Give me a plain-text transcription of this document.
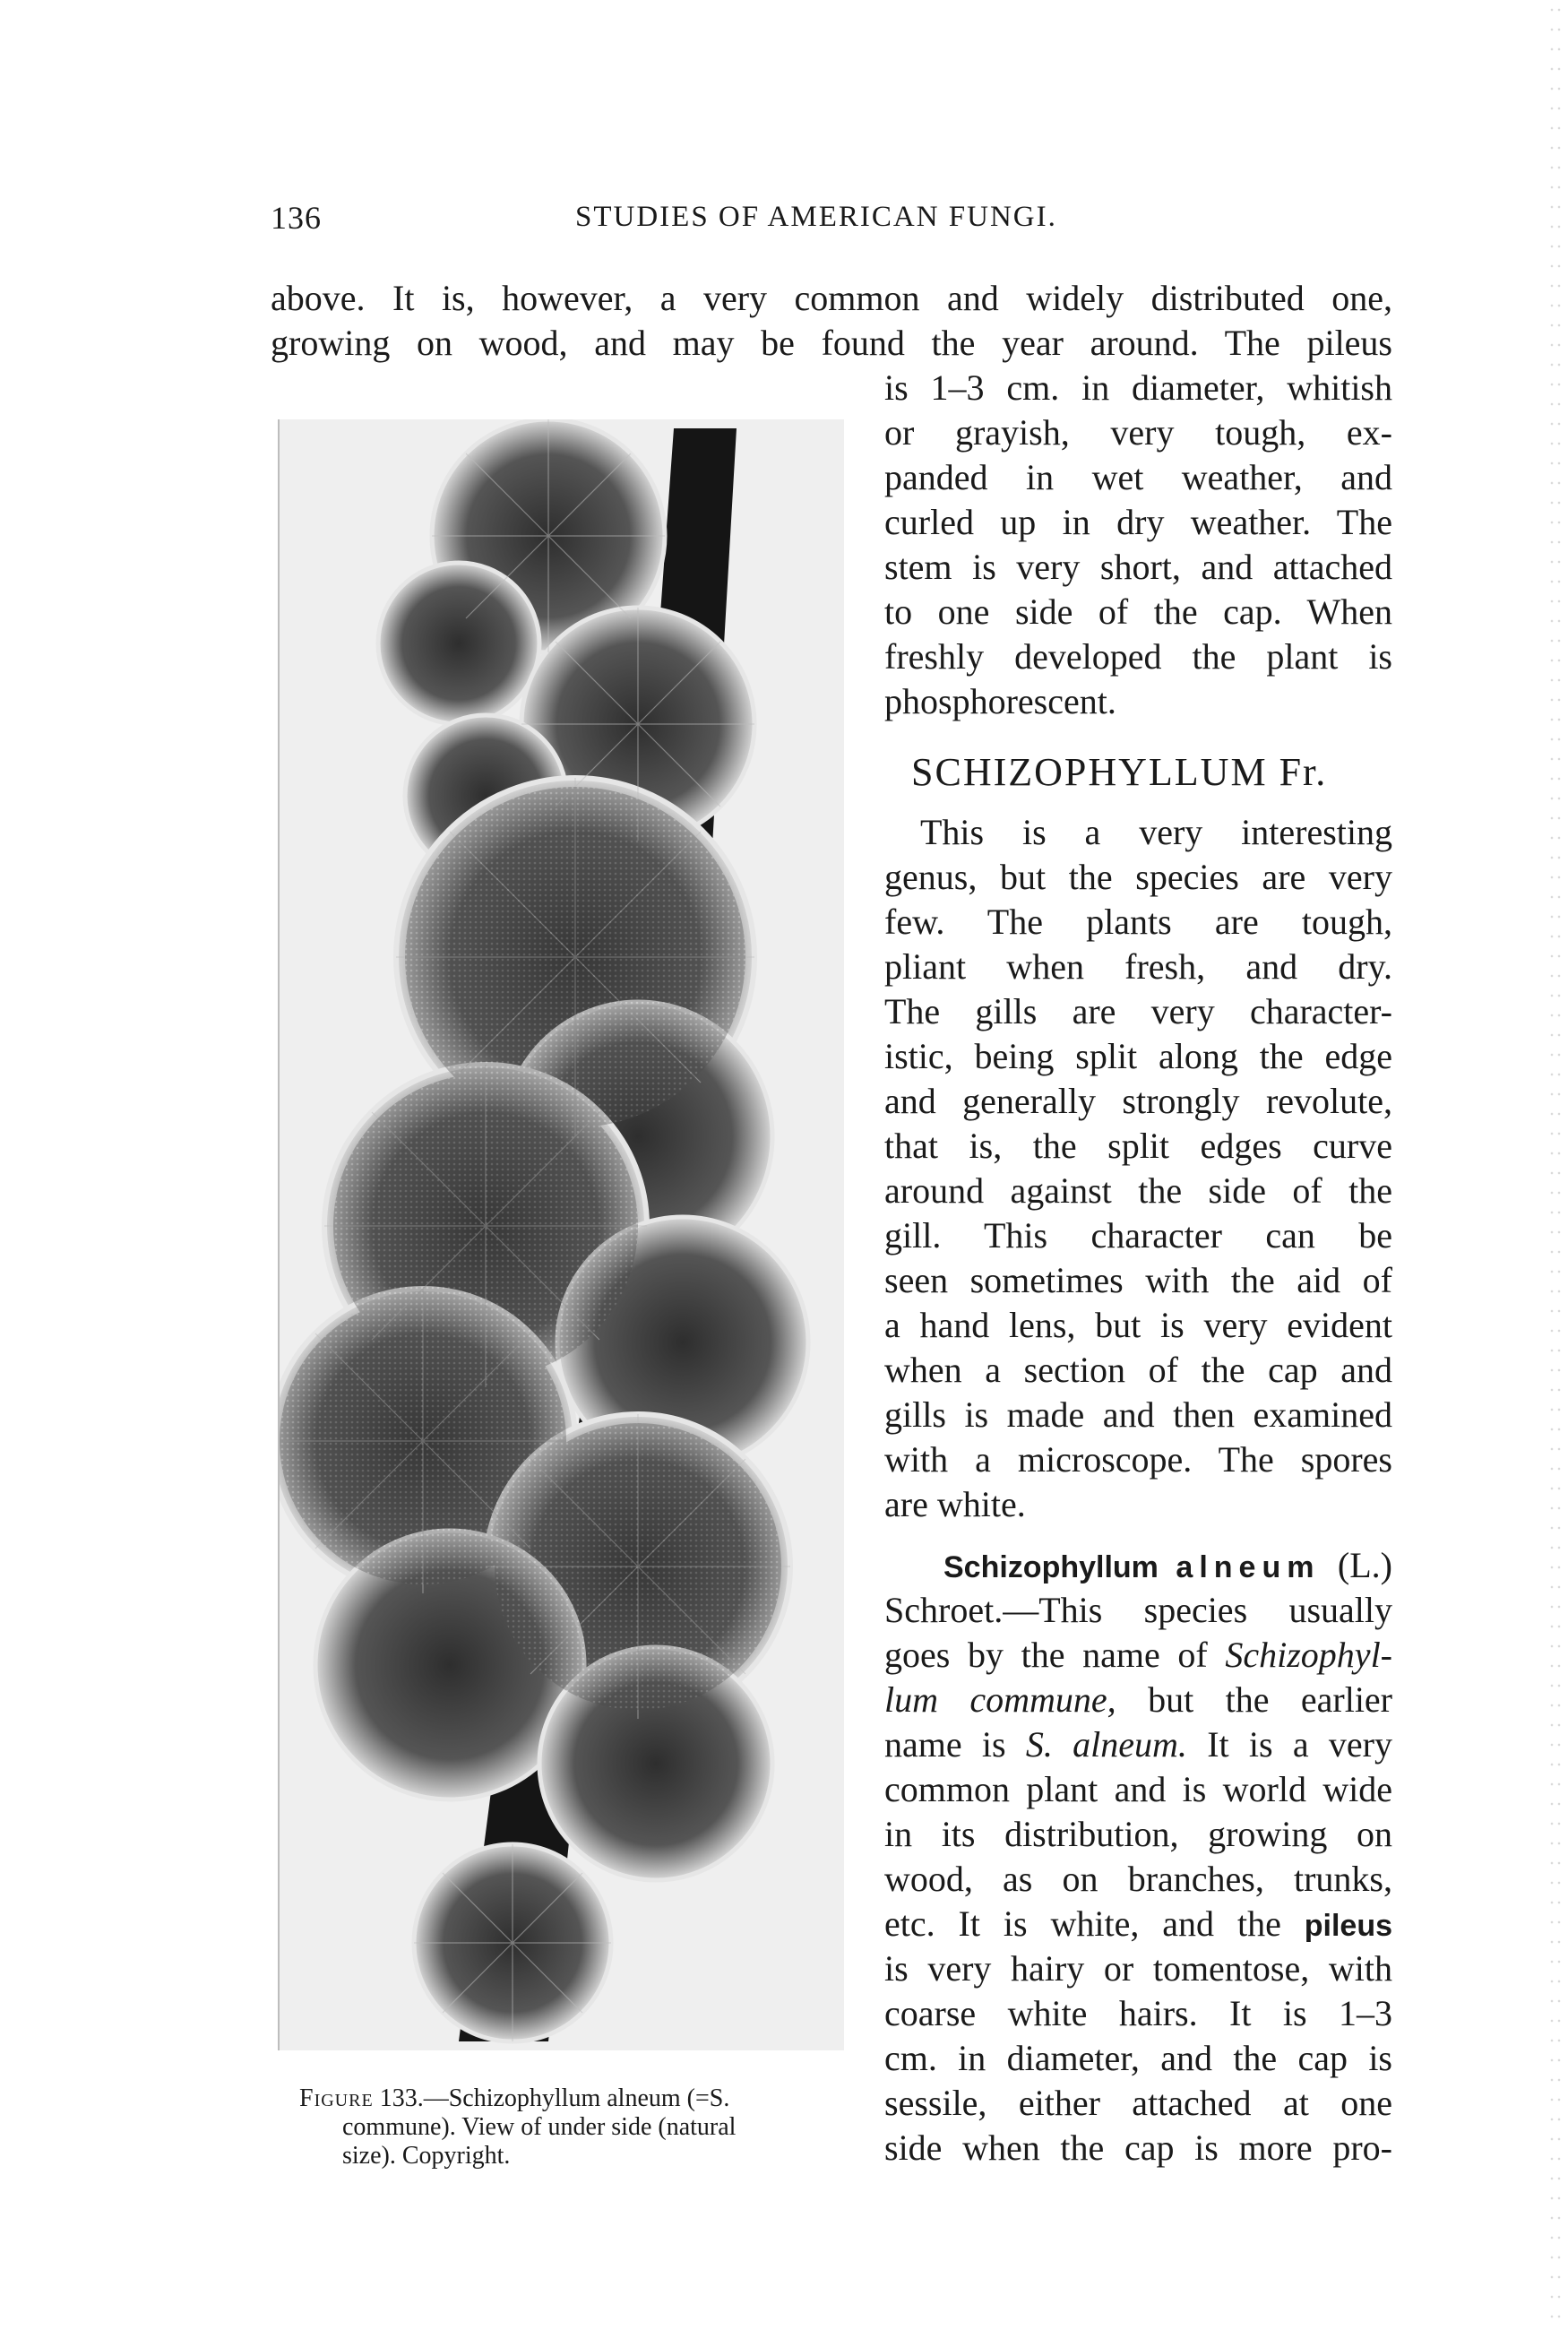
136	STUDIES OF AMERICAN FUNGI.
above. It is, however, a very common and widely distributed one,
growing on wood, and may be found the year around. The pileus
is 1–3 cm. in diameter, whitish
or grayish, very tough, ex-
panded in wet weather, and
curled up in dry weather. The
stem is very short, and attached
to one side of the cap. When
freshly developed the plant is
phosphorescent.
SCHIZOPHYLLUM Fr.
This is a very interesting
genus, but the species are very
few. The plants are tough,
pliant when fresh, and dry.
The gills are very character-
istic, being split along the edge
and generally strongly revolute,
that is, the split edges curve
around against the side of the
gill. This character can be
seen sometimes with the aid of
a hand lens, but is very evident
when a section of the cap and
gills is made and then examined
with a microscope. The spores
are white.
Schizophyllum alneum (L.)
Schroet.—This species usually
goes by the name of Schizophyl-
lum commune, but the earlier
name is S. alneum. It is a very
common plant and is world wide
in its distribution, growing on
wood, as on branches, trunks,
etc. It is white, and the pileus
is very hairy or tomentose, with
coarse white hairs. It is 1–3
cm. in diameter, and the cap is
sessile, either attached at one
side when the cap is more pro-
Figure 133.—Schizophyllum alneum (=S.
commune). View of under side (natural
size). Copyright.
